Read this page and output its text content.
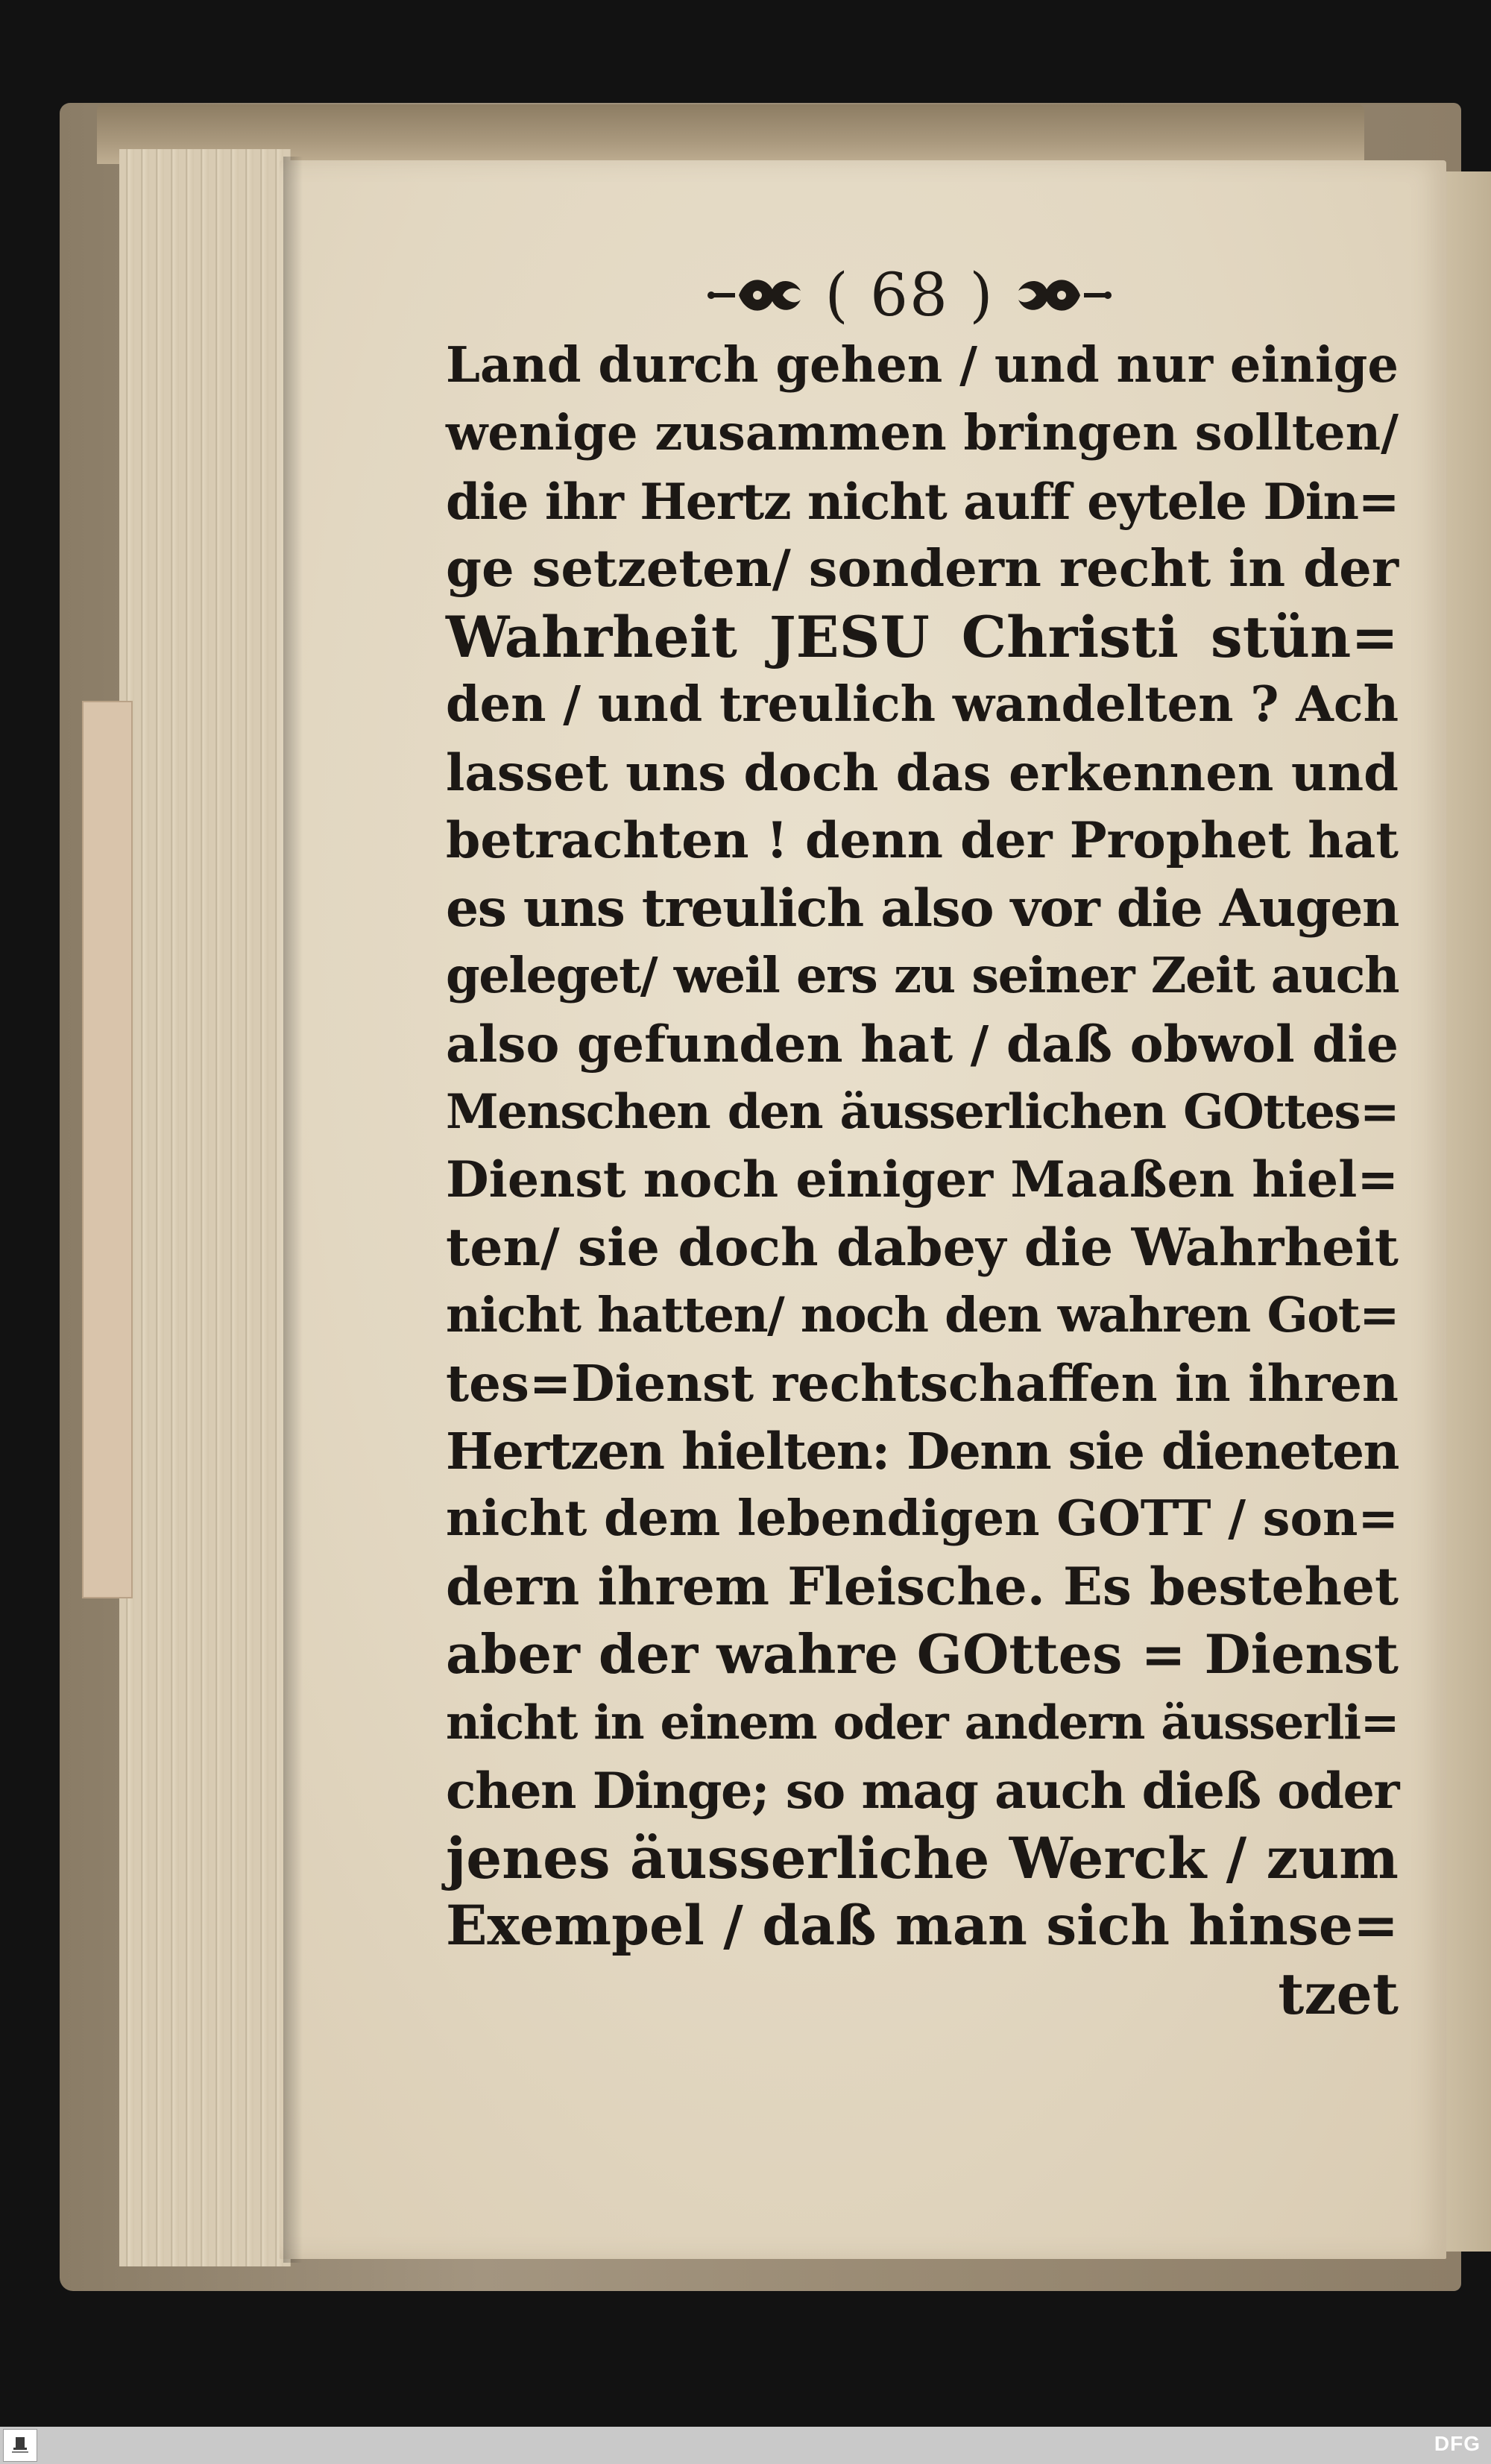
( 68 )
Land durch gehen / und nur einige
wenige zusammen bringen sollten/
die ihr Hertz nicht auff eytele Din=
ge setzeten/ sondern recht in der
Wahrheit JESU Christi stün=
den / und treulich wandelten ? Ach
lasset uns doch das erkennen und
betrachten ! denn der Prophet hat
es uns treulich also vor die Augen
geleget/ weil ers zu seiner Zeit auch
also gefunden hat / daß obwol die
Menschen den äusserlichen GOttes=
Dienst noch einiger Maaßen hiel=
ten/ sie doch dabey die Wahrheit
nicht hatten/ noch den wahren Got=
tes=Dienst rechtschaffen in ihren
Hertzen hielten: Denn sie dieneten
nicht dem lebendigen GOTT / son=
dern ihrem Fleische. Es bestehet
aber der wahre GOttes = Dienst
nicht in einem oder andern äusserli=
chen Dinge; so mag auch dieß oder
jenes äusserliche Werck / zum
Exempel / daß man sich hinse=
tzet
DFG
